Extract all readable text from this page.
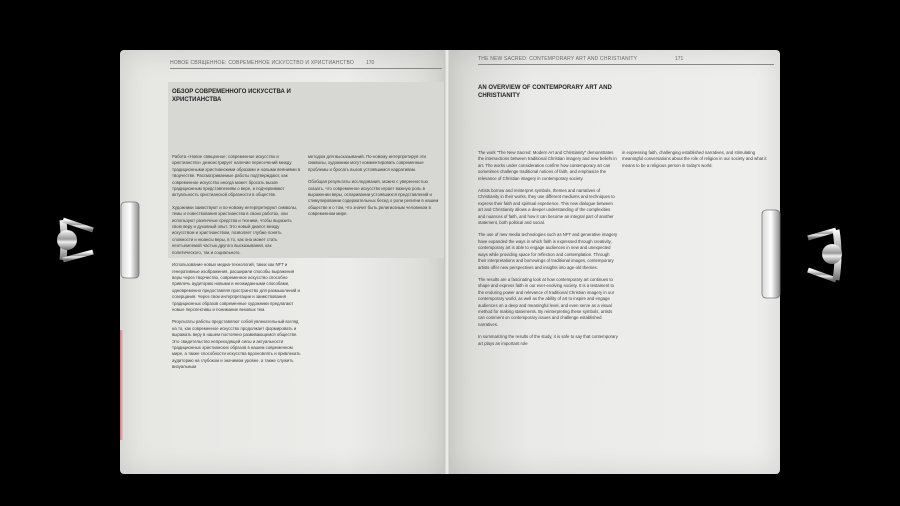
НОВОЕ СВЯЩЕННОЕ: СОВРЕМЕННОЕ ИСКУССТВО И ХРИСТИАНСТВО 170
ОБЗОР СОВРЕМЕННОГО ИСКУССТВА И ХРИСТИАНСТВА

Работа «Новое священное: современное искусство и христианство» демонстрирует наличие пересечений между традиционными христианскими образами и новыми веяниями в творчестве. Рассматриваемые работы подтверждают, как современное искусство иногда может бросать вызов традиционным представлениям о вере, и подчеркивают актуальность христианской образности в обществе.

Художники заимствуют и по-новому интерпретируют символы, темы и повествования христианства в своих работах, они используют различные средства и техники, чтобы выразить свою веру и духовный опыт. Это новый диалог между искусством и христианством, позволяет глубже понять сложности и нюансы веры, в то, как она может стать неотъемлемой частью другого высказывания, как политического, так и социального.

Использование новых медиа-технологий, таких как NFT и генеративные изображения, расширили способы выражения веры через творчество, современное искусство способно привлечь аудиторию новыми и неожиданными способами, одновременно предоставляя пространство для размышлений и созерцания. Через свои интерпретации и заимствования традиционных образов современные художники предлагают новые перспективы и понимание вековых тем.

Результаты работы представляют собой увлекательный взгляд на то, как современное искусство продолжает формировать и выражать веру в нашем постоянно развивающемся обществе. Это свидетельство непреходящей силы и актуальности традиционных христианских образов в нашем современном мире, а также способности искусства вдохновлять и привлекать аудиторию на глубоком и значимом уровне, а также служить визуальным

методом для высказываний. По-новому интерпретируя эти символы, художники могут комментировать современные проблемы и бросать вызов устоявшимся нарративам.

Обобщая результаты исследования, можно с уверенностью сказать, что современное искусство играет важную роль в выражении веры, оспаривании устоявшихся представлений и стимулировании содержательных бесед о роли религии в нашем обществе и о том, что значит быть религиозным человеком в современном мире.

THE NEW SACRED: CONTEMPORARY ART AND CHRISTIANITY	171
AN OVERVIEW OF CONTEMPORARY ART AND CHRISTIANITY

The work "The New Sacred: Modern Art and Christianity" demonstrates the intersections between traditional Christian imagery and new beliefs in art. The works under consideration confirm how contemporary art can sometimes challenge traditional notions of faith, and emphasize the relevance of Christian imagery in contemporary society.

Artists borrow and reinterpret symbols, themes and narratives of Christianity in their works, they use different mediums and techniques to express their faith and spiritual experience. This new dialogue between art and Christianity allows a deeper understanding of the complexities and nuances of faith, and how it can become an integral part of another statement, both political and social.

The use of new media technologies such as NFT and generative imagery have expanded the ways in which faith is expressed through creativity, contemporary art is able to engage audiences in new and unexpected ways while providing space for reflection and contemplation. Through their interpretations and borrowings of traditional images, contemporary artists offer new perspectives and insights into age-old themes.

The results are a fascinating look at how contemporary art continues to shape and express faith in our ever-evolving society. It is a testament to the enduring power and relevance of traditional Christian imagery in our contemporary world, as well as the ability of art to inspire and engage audiences on a deep and meaningful level, and even serve as a visual method for making statements. By reinterpreting these symbols, artists can comment on contemporary issues and challenge established narratives.

In summarizing the results of the study, it is safe to say that contemporary art plays an important role

in expressing faith, challenging established narratives, and stimulating meaningful conversations about the role of religion in our society and what it means to be a religious person in today's world.
